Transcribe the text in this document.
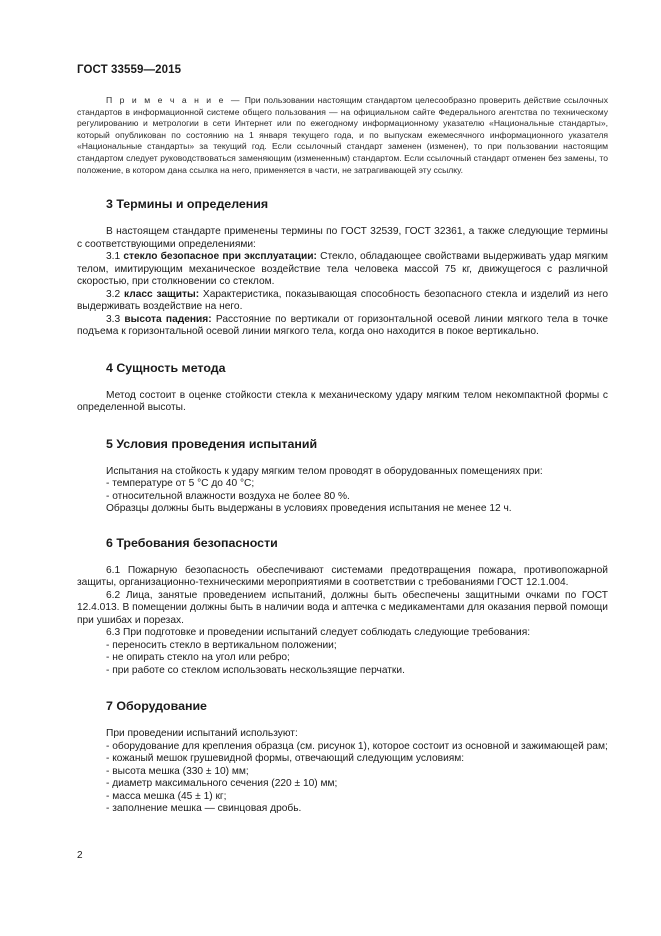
ГОСТ 33559—2015

П р и м е ч а н и е — При пользовании настоящим стандартом целесообразно проверить действие ссылочных стандартов в информационной системе общего пользования — на официальном сайте Федерального агентства по техническому регулированию и метрологии в сети Интернет или по ежегодному информационному указателю «Национальные стандарты», который опубликован по состоянию на 1 января текущего года, и по выпускам ежемесячного информационного указателя «Национальные стандарты» за текущий год. Если ссылочный стандарт заменен (изменен), то при пользовании настоящим стандартом следует руководствоваться заменяющим (измененным) стандартом. Если ссылочный стандарт отменен без замены, то положение, в котором дана ссылка на него, применяется в части, не затрагивающей эту ссылку.

3 Термины и определения

В настоящем стандарте применены термины по ГОСТ 32539, ГОСТ 32361, а также следующие термины с соответствующими определениями:

3.1 стекло безопасное при эксплуатации: Стекло, обладающее свойствами выдерживать удар мягким телом, имитирующим механическое воздействие тела человека массой 75 кг, движущегося с различной скоростью, при столкновении со стеклом.

3.2 класс защиты: Характеристика, показывающая способность безопасного стекла и изделий из него выдерживать воздействие на него.

3.3 высота падения: Расстояние по вертикали от горизонтальной осевой линии мягкого тела в точке подъема к горизонтальной осевой линии мягкого тела, когда оно находится в покое вертикально.

4 Сущность метода

Метод состоит в оценке стойкости стекла к механическому удару мягким телом некомпактной формы с определенной высоты.

5 Условия проведения испытаний

Испытания на стойкость к удару мягким телом проводят в оборудованных помещениях при:

- температуре от 5 °С до 40 °С;

- относительной влажности воздуха не более 80 %.

Образцы должны быть выдержаны в условиях проведения испытания не менее 12 ч.

6 Требования безопасности

6.1 Пожарную безопасность обеспечивают системами предотвращения пожара, противопожарной защиты, организационно-техническими мероприятиями в соответствии с требованиями ГОСТ 12.1.004.

6.2 Лица, занятые проведением испытаний, должны быть обеспечены защитными очками по ГОСТ 12.4.013. В помещении должны быть в наличии вода и аптечка с медикаментами для оказания первой помощи при ушибах и порезах.

6.3 При подготовке и проведении испытаний следует соблюдать следующие требования:

- переносить стекло в вертикальном положении;

- не опирать стекло на угол или ребро;

- при работе со стеклом использовать нескользящие перчатки.

7 Оборудование

При проведении испытаний используют:

- оборудование для крепления образца (см. рисунок 1), которое состоит из основной и зажимающей рам;

- кожаный мешок грушевидной формы, отвечающий следующим условиям:

- высота мешка (330 ± 10) мм;

- диаметр максимального сечения (220 ± 10) мм;

- масса мешка (45 ± 1) кг;

- заполнение мешка — свинцовая дробь.

2
